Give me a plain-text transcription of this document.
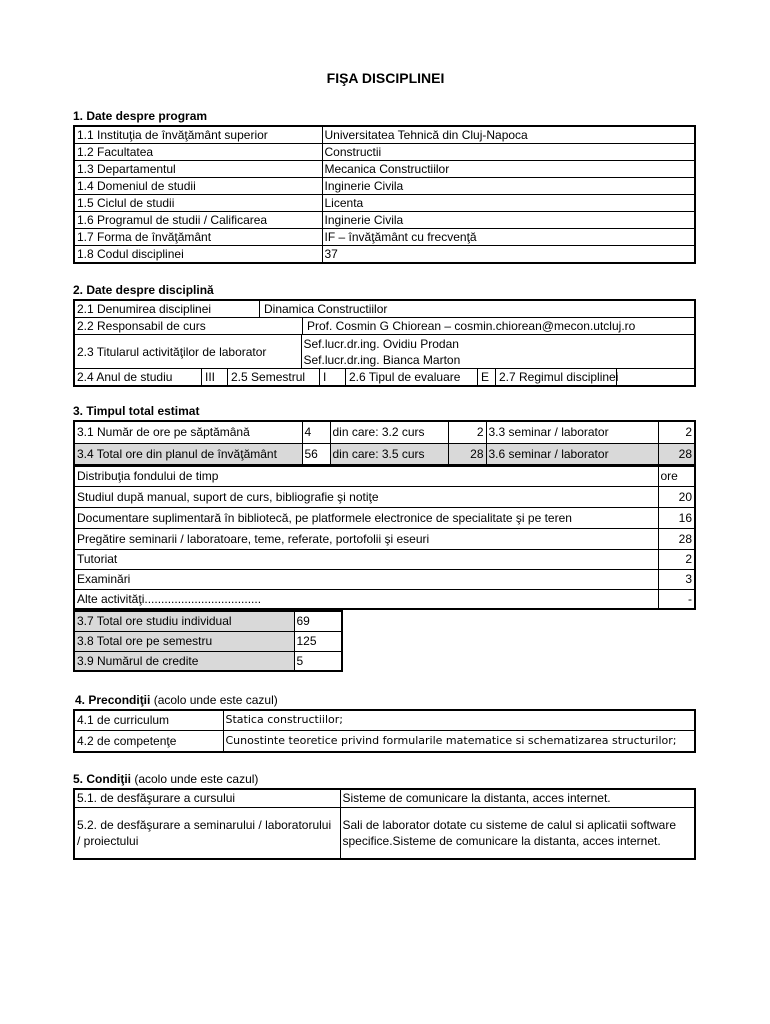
FIŞA DISCIPLINEI
1. Date despre program
1.1 Instituţia de învăţământ superior	Universitatea Tehnică din Cluj-Napoca
1.2 Facultatea	Constructii
1.3 Departamentul	Mecanica Constructiilor
1.4 Domeniul de studii	Inginerie Civila
1.5 Ciclul de studii	Licenta
1.6 Programul de studii / Calificarea	Inginerie Civila
1.7 Forma de învăţământ	IF – învăţământ cu frecvenţă
1.8 Codul disciplinei	37
2. Date despre disciplină
2.1 Denumirea disciplinei	Dinamica Constructiilor
2.2 Responsabil de curs	Prof. Cosmin G Chiorean – cosmin.chiorean@mecon.utcluj.ro
2.3 Titularul activităţilor de laborator	
Sef.lucr.dr.ing. Ovidiu Prodan
Sef.lucr.dr.ing. Bianca Marton

2.4 Anul de studiu	III 2.5 Semestrul I 2.6 Tipul de evaluare E 2.7 Regimul disciplinei
3. Timpul total estimat
3.1 Număr de ore pe săptămână	4	din care: 3.2 curs	2	3.3 seminar / laborator	2
3.4 Total ore din planul de învăţământ	56	din care: 3.5 curs	28	3.6 seminar / laborator	28
Distribuţia fondului de timp	ore
Studiul după manual, suport de curs, bibliografie şi notiţe	20
Documentare suplimentară în bibliotecă, pe platformele electronice de specialitate şi pe teren	16
Pregătire seminarii / laboratoare, teme, referate, portofolii şi eseuri	28
Tutoriat	2
Examinări	3
Alte activităţi...................................	-
3.7 Total ore studiu individual	69
3.8 Total ore pe semestru	125
3.9 Numărul de credite	5
4. Precondiţii (acolo unde este cazul)
4.1 de curriculum	Statica constructiilor;
4.2 de competenţe	Cunostinte teoretice privind formularile matematice si schematizarea structurilor;
5. Condiţii (acolo unde este cazul)
5.1. de desfăşurare a cursului	Sisteme de comunicare la distanta, acces internet.
5.2. de desfăşurare a seminarului / laboratorului / proiectului	Sali de laborator dotate cu sisteme de calul si aplicatii software specifice.Sisteme de comunicare la distanta, acces internet.
